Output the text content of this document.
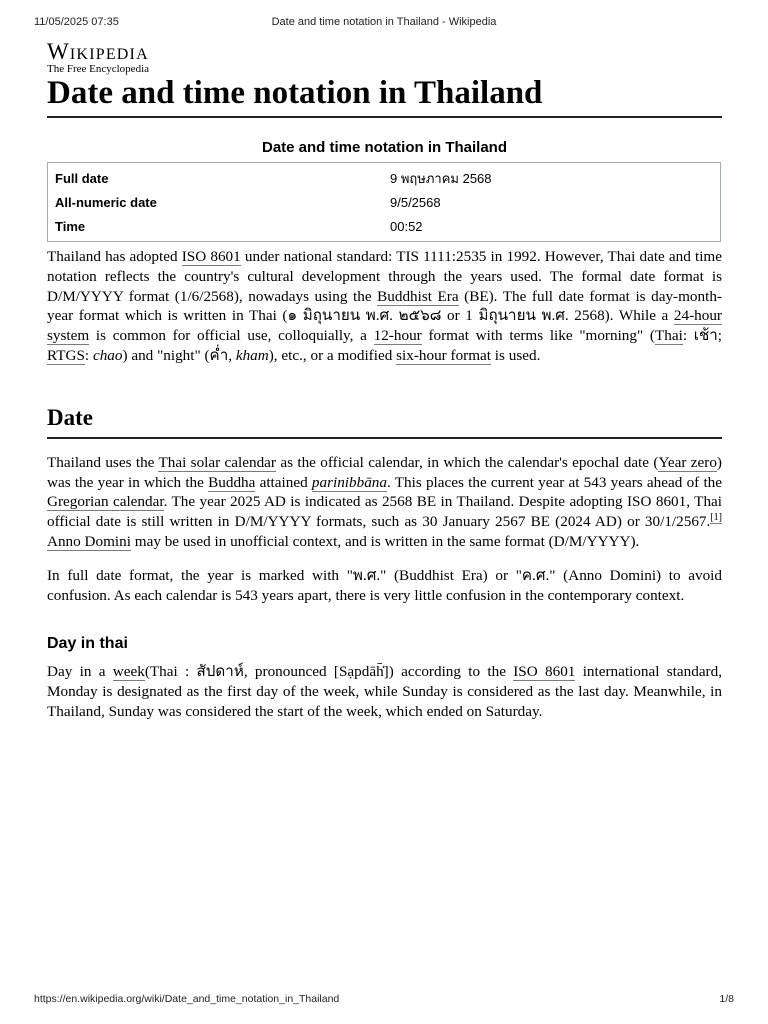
11/05/2025 07:35	Date and time notation in Thailand - Wikipedia
Wikipedia
The Free Encyclopedia
Date and time notation in Thailand
Date and time notation in Thailand
Full date	9 พฤษภาคม 2568
All-numeric date	9/5/2568
Time	00:52

Thailand has adopted ISO 8601 under national standard: TIS 1111:2535 in 1992. However, Thai date and time notation reflects the country's cultural development through the years used. The formal date format is D/M/YYYY format (1/6/2568), nowadays using the Buddhist Era (BE). The full date format is day-month-year format which is written in Thai (๑ มิถุนายน พ.ศ. ๒๕๖๘ or 1 มิถุนายน พ.ศ. 2568). While a 24-hour system is common for official use, colloquially, a 12-hour format with terms like "morning" (Thai: เช้า; RTGS: chao) and "night" (ค่ำ, kham), etc., or a modified six-hour format is used.

Date

Thailand uses the Thai solar calendar as the official calendar, in which the calendar's epochal date (Year zero) was the year in which the Buddha attained parinibbāna. This places the current year at 543 years ahead of the Gregorian calendar. The year 2025 AD is indicated as 2568 BE in Thailand. Despite adopting ISO 8601, Thai official date is still written in D/M/YYYY formats, such as 30 January 2567 BE (2024 AD) or 30/1/2567.[1] Anno Domini may be used in unofficial context, and is written in the same format (D/M/YYYY).

In full date format, the year is marked with "พ.ศ." (Buddhist Era) or "ค.ศ." (Anno Domini) to avoid confusion. As each calendar is 543 years apart, there is very little confusion in the contemporary context.

Day in thai

Day in a week(Thai : สัปดาห์, pronounced [Sạpdāh̄̒]) according to the ISO 8601 international standard, Monday is designated as the first day of the week, while Sunday is considered as the last day. Meanwhile, in Thailand, Sunday was considered the start of the week, which ended on Saturday.

https://en.wikipedia.org/wiki/Date_and_time_notation_in_Thailand	1/8
